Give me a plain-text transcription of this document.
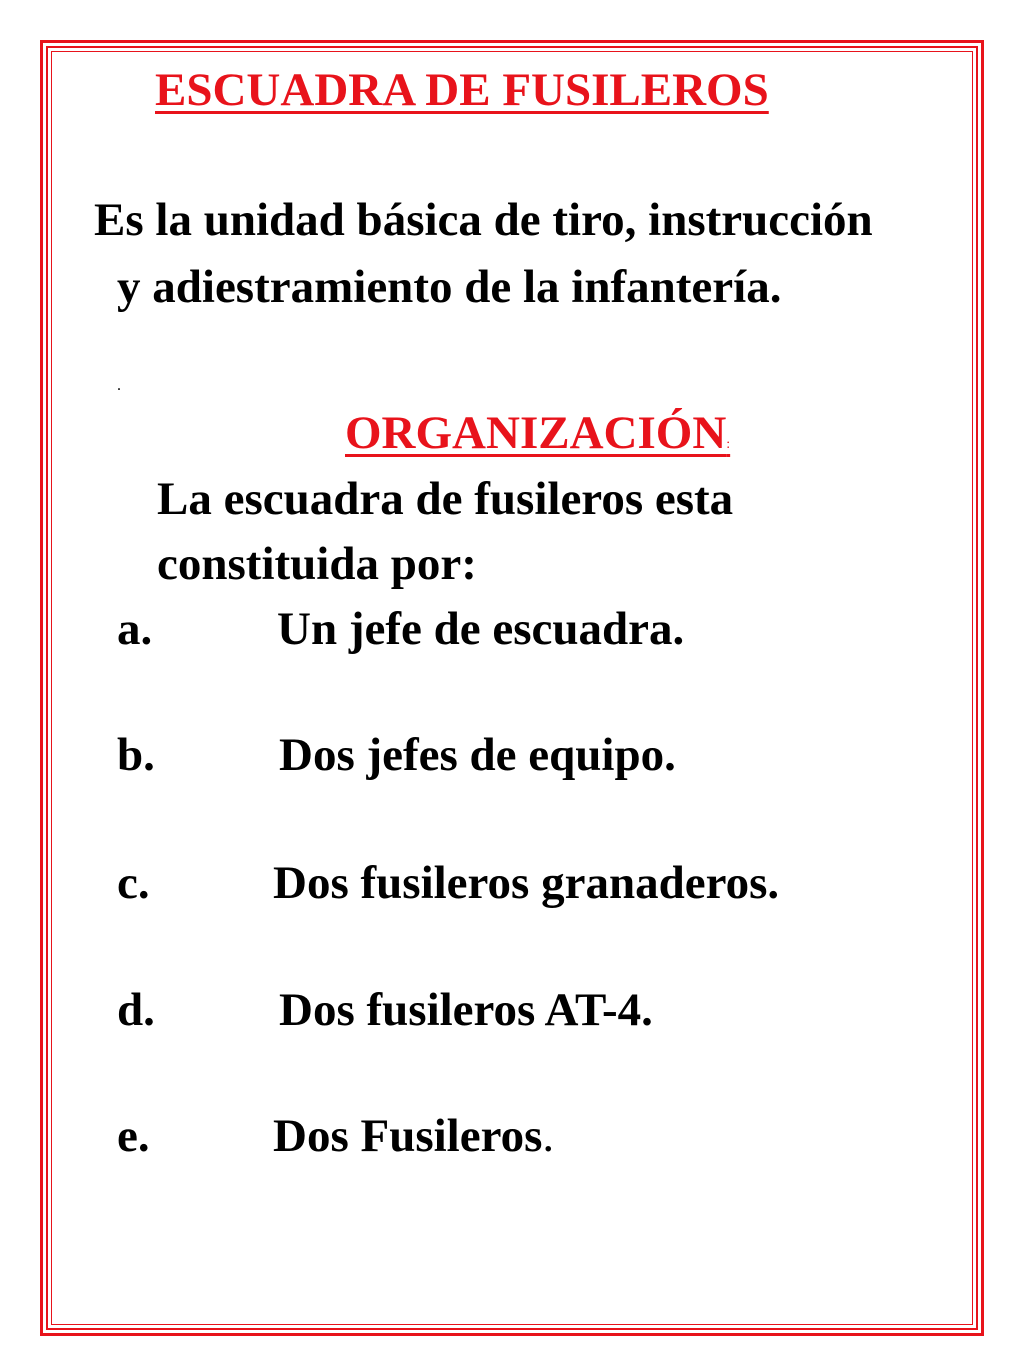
ESCUADRA DE FUSILEROS

Es la unidad básica de tiro, instrucción

y adiestramiento de la infantería.

.
ORGANIZACIÓN:

La escuadra de fusileros esta

constituida por:

a.	Un jefe de escuadra.
b.	Dos jefes de equipo.
c.	Dos fusileros granaderos.
d.	Dos fusileros AT-4.
e.	Dos Fusileros.
